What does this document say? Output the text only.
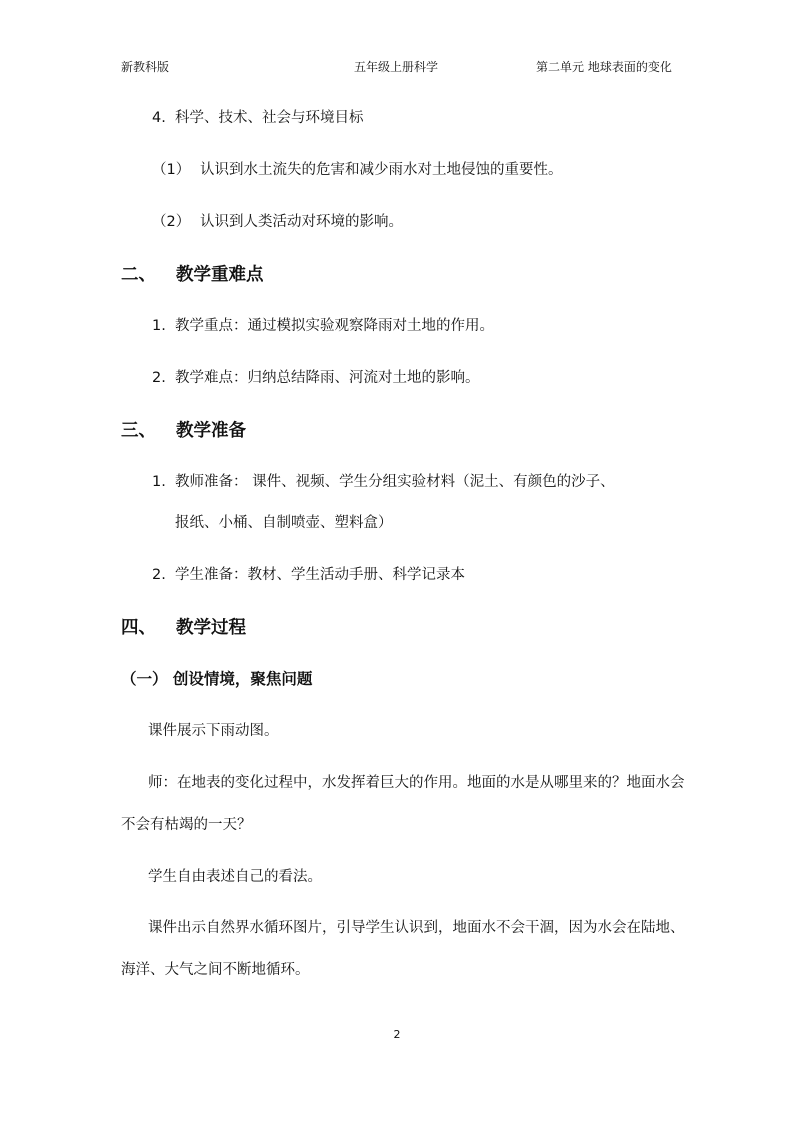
新教科版	五年级上册科学	第二单元 地球表面的变化
4. 科学、技术、社会与环境目标
（1） 认识到水土流失的危害和减少雨水对土地侵蚀的重要性。
（2） 认识到人类活动对环境的影响。
二、 教学重难点
1. 教学重点：通过模拟实验观察降雨对土地的作用。
2. 教学难点：归纳总结降雨、河流对土地的影响。
三、 教学准备
1. 教师准备： 课件、视频、学生分组实验材料（泥土、有颜色的沙子、
报纸、小桶、自制喷壶、塑料盒）
2. 学生准备：教材、学生活动手册、科学记录本
四、 教学过程
（一） 创设情境，聚焦问题
课件展示下雨动图。
师：在地表的变化过程中，水发挥着巨大的作用。地面的水是从哪里来的？地面水会
不会有枯竭的一天？
学生自由表述自己的看法。
课件出示自然界水循环图片，引导学生认识到，地面水不会干涸，因为水会在陆地、
海洋、大气之间不断地循环。
2
